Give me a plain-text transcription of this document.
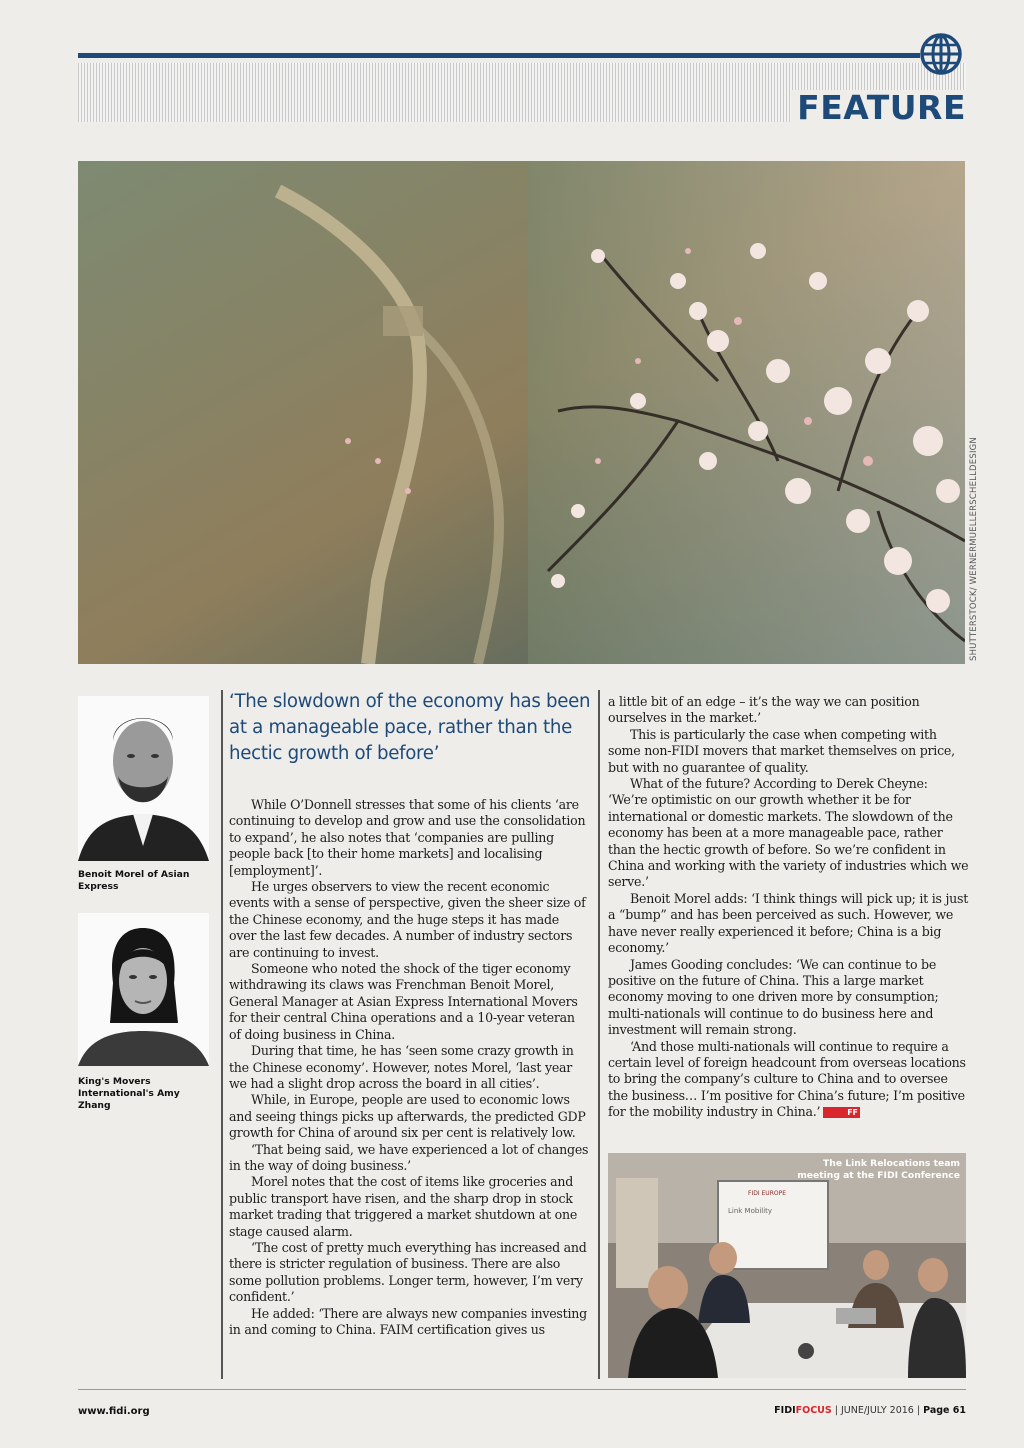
FEATURE
SHUTTERSTOCK/ WERNERMUELLERSCHELLDESIGN
Benoit Morel of Asian Express
King's Movers International's Amy Zhang
‘The slowdown of the economy has been at a manageable pace, rather than the hectic growth of before’

While O’Donnell stresses that some of his clients ‘are continuing to develop and grow and use the consolidation to expand’, he also notes that ‘companies are pulling people back [to their home markets] and localising [employment]’.

He urges observers to view the recent economic events with a sense of perspective, given the sheer size of the Chinese economy, and the huge steps it has made over the last few decades. A number of industry sectors are continuing to invest.

Someone who noted the shock of the tiger economy withdrawing its claws was Frenchman Benoit Morel, General Manager at Asian Express International Movers for their central China operations and a 10-year veteran of doing business in China.

During that time, he has ‘seen some crazy growth in the Chinese economy’. However, notes Morel, ‘last year we had a slight drop across the board in all cities’.

While, in Europe, people are used to economic lows and seeing things picks up afterwards, the predicted GDP growth for China of around six per cent is relatively low.

‘That being said, we have experienced a lot of changes in the way of doing business.’

Morel notes that the cost of items like groceries and public transport have risen, and the sharp drop in stock market trading that triggered a market shutdown at one stage caused alarm.

‘The cost of pretty much everything has increased and there is stricter regulation of business. There are also some pollution problems. Longer term, however, I’m very confident.’

He added: ‘There are always new companies investing in and coming to China. FAIM certification gives us

a little bit of an edge – it’s the way we can position ourselves in the market.’

This is particularly the case when competing with some non-FIDI movers that market themselves on price, but with no guarantee of quality.

What of the future? According to Derek Cheyne: ‘We’re optimistic on our growth whether it be for international or domestic markets. The slowdown of the economy has been at a more manageable pace, rather than the hectic growth of before. So we’re confident in China and working with the variety of industries which we serve.’

Benoit Morel adds: ‘I think things will pick up; it is just a “bump” and has been perceived as such. However, we have never really experienced it before; China is a big economy.’

James Gooding concludes: ‘We can continue to be positive on the future of China. This a large market economy moving to one driven more by consumption; multi-nationals will continue to do business here and investment will remain strong.

‘And those multi-nationals will continue to require a certain level of foreign headcount from overseas locations to bring the company’s culture to China and to oversee the business… I’m positive for China’s future; I’m positive for the mobility industry in China.’	FF

FIDI EUROPE
Link Mobility
The Link Relocations team meeting at the FIDI Conference
www.fidi.org	FIDIFOCUS | JUNE/JULY 2016 | Page 61
